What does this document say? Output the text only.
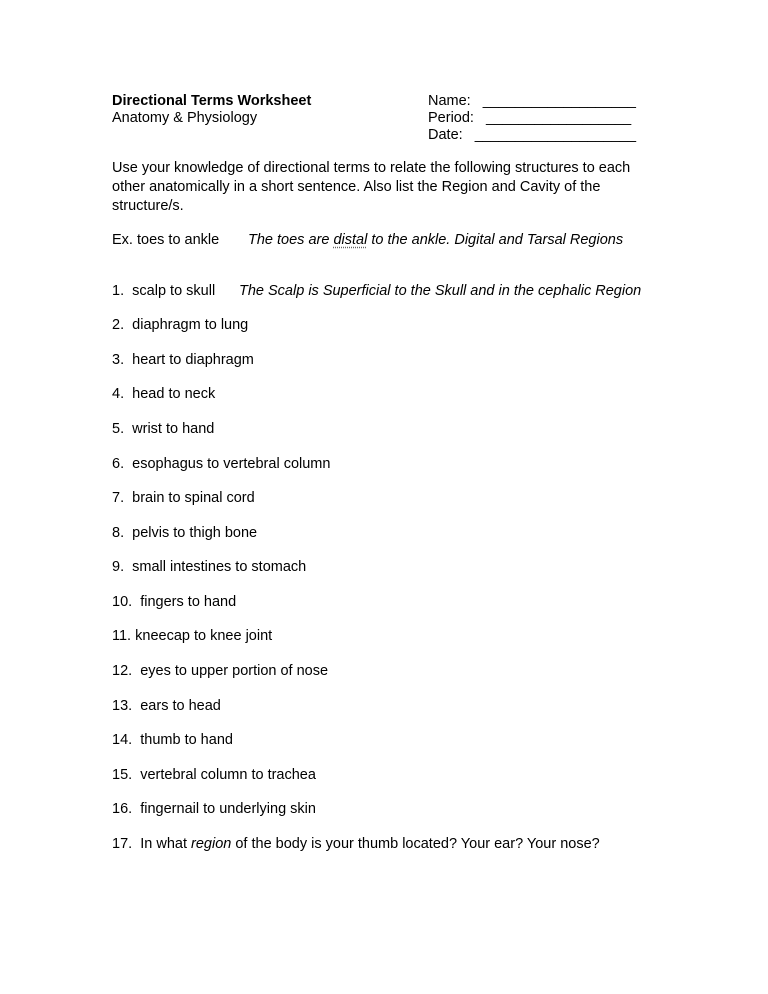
Directional Terms Worksheet
Anatomy & Physiology
Name: ___________________
Period: __________________
Date: ____________________
Use your knowledge of directional terms to relate the following structures to each other anatomically in a short sentence. Also list the Region and Cavity of the structure/s.
Ex. toes to ankle The toes are distal to the ankle. Digital and Tarsal Regions
1. scalp to skull The Scalp is Superficial to the Skull and in the cephalic Region
2. diaphragm to lung
3. heart to diaphragm
4. head to neck
5. wrist to hand
6. esophagus to vertebral column
7. brain to spinal cord
8. pelvis to thigh bone
9. small intestines to stomach
10. fingers to hand
11. kneecap to knee joint
12. eyes to upper portion of nose
13. ears to head
14. thumb to hand
15. vertebral column to trachea
16. fingernail to underlying skin
17. In what region of the body is your thumb located? Your ear? Your nose?
